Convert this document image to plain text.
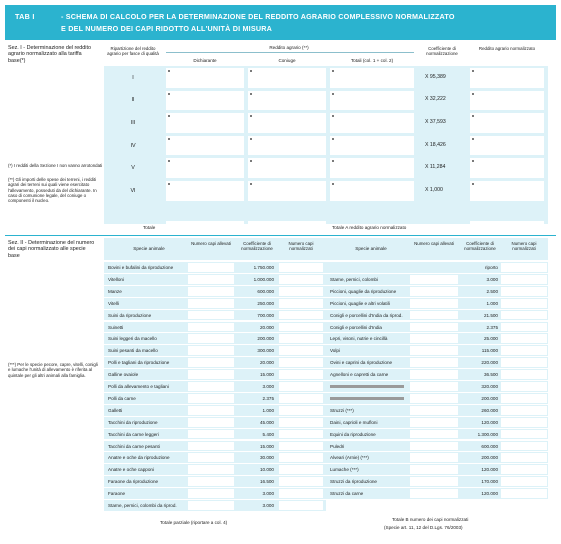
TAB I	- SCHEMA DI CALCOLO PER LA DETERMINAZIONE DEL REDDITO AGRARIO COMPLESSIVO NORMALIZZATO
E DEL NUMERO DEI CAPI RIDOTTO ALL'UNITÀ DI MISURA
Sez. I - Determinazione del reddito agrario normalizzato alla tariffa base(*)
(*) I redditi della Sezione I non vanno arrotondati
(**) Gli importi delle spese dei terreni, i redditi agrari dei terreni sui quali viene esercitato l'allevamento, posseduti da del dichiarante. In caso di comunione legale, del coniuge o componenti il nucleo.
Ripartizione del reddito agrario per fasce di qualità
Reddito agrario (**)
Dichiarante	Coniuge	Totali (col. 1 + col. 2)
Coefficiente di normalizzazione
Reddito agrario normalizzato
I	X 95,389
II	X 32,222
III	X 37,593
IV	X 18,426
V	X 11,284
VI	X 1,000
Totale	Totale A reddito agrario normalizzato
Sez. II - Determinazione del numero dei capi normalizzato alle specie base
(***) Per le specie pecore, capre, vitelli, conigli e lumache l'unità di allevamento è riferita al quintale per gli altri animali alla famiglia.
Specie animale
Numero capi allevati	Coefficiente di normalizzazione
Numero capi normalizzati	Specie animale
Numero capi allevati	Coefficiente di normalizzazione
Numero capi normalizzati
Bovini e bufalini da riproduzione	1.750.000
Vitelloni	1.000.000
Manze	600.000
Vitelli	250.000
Suini da riproduzione	700.000
Suinetti	20.000
Suini leggeri da macello	200.000
Suini pesanti da macello	300.000
Polli e tagliani da riproduzione	20.000
Galline ovaiole	15.000
Polli da allevamento e tagliani	3.000
Polli da carne	2.375
Galletti	1.000
Tacchini da riproduzione	45.000
Tacchini da carne leggeri	5.400
Tacchini da carne pesanti	15.000
Anatre e oche da riproduzione	30.000
Anatre e oche capponi	10.000
Faraone da riproduzione	16.500
Faraone	3.000
Starne, pernici, colombi da riprod.	3.000
riporto
Starne, pernici, colombi	3.000
Piccioni, quaglie da riproduzione	2.500
Piccioni, quaglie e altri volatili	1.000
Conigli e porcellini d'India da riprod.	21.500
Conigli e porcellini d'India	2.375
Lepri, visoni, nutrie e cincillà	25.000
Volpi	115.000
Ovini e caprini da riproduzione	220.000
Agnelloni e capretti da carne	36.500
320.000
200.000
Struzzi (***)	260.000
Daini, caprioli e mufloni	120.000
Equini da riproduzione	1.300.000
Puledri	600.000
Alveari (Arnie) (***)	200.000
Lumache (***)	120.000
Struzzi da riproduzione	170.000
Struzzi da carne	120.000
Totale parziale (riportare a col. 4)
Totale B numero dei capi normalizzati
(Specie art. 11, 12 del D.Lgs. 76/2003)
